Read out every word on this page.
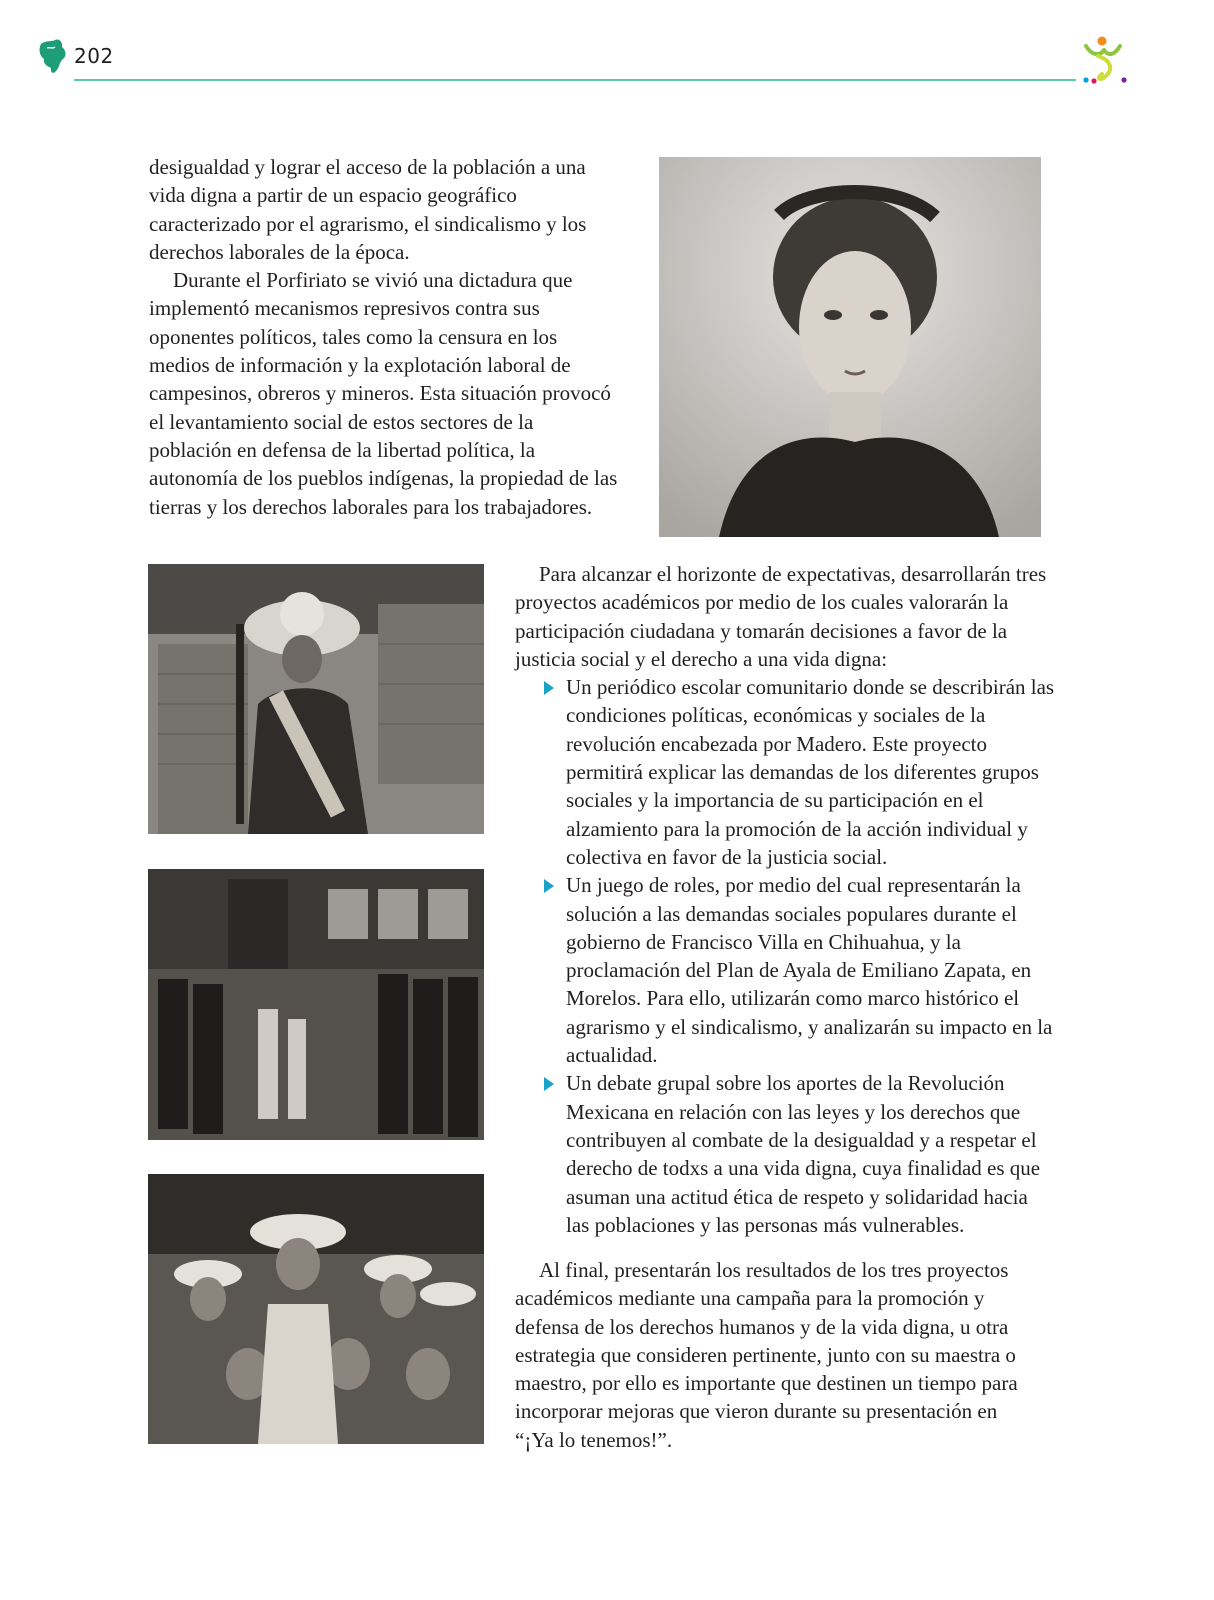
202

desigualdad y lograr el acceso de la población a una vida digna a partir de un espacio geográfico caracterizado por el agrarismo, el sindicalismo y los derechos laborales de la época.

Durante el Porfiriato se vivió una dictadura que implementó mecanismos represivos contra sus oponentes políticos, tales como la censura en los medios de información y la explotación laboral de campesinos, obreros y mineros. Esta situación provocó el levantamiento social de estos sectores de la población en defensa de la libertad política, la autonomía de los pueblos indígenas, la propiedad de las tierras y los derechos laborales para los trabajadores.

Para alcanzar el horizonte de expectativas, desarrollarán tres proyectos académicos por medio de los cuales valorarán la participación ciudadana y tomarán decisiones a favor de la justicia social y el derecho a una vida digna:

Un periódico escolar comunitario donde se describirán las condiciones políticas, económicas y sociales de la revolución encabezada por Madero. Este proyecto permitirá explicar las demandas de los diferentes grupos sociales y la importancia de su participación en el alzamiento para la promoción de la acción individual y colectiva en favor de la justicia social.
Un juego de roles, por medio del cual representarán la solución a las demandas sociales populares durante el gobierno de Francisco Villa en Chihuahua, y la proclamación del Plan de Ayala de Emiliano Zapata, en Morelos. Para ello, utilizarán como marco histórico el agrarismo y el sindicalismo, y analizarán su impacto en la actualidad.
Un debate grupal sobre los aportes de la Revolución Mexicana en relación con las leyes y los derechos que contribuyen al combate de la desigualdad y a respetar el derecho de todxs a una vida digna, cuya finalidad es que asuman una actitud ética de respeto y solidaridad hacia las poblaciones y las personas más vulnerables.

Al final, presentarán los resultados de los tres proyectos académicos mediante una campaña para la promoción y defensa de los derechos humanos y de la vida digna, u otra estrategia que consideren pertinente, junto con su maestra o maestro, por ello es importante que destinen un tiempo para incorporar mejoras que vieron durante su presentación en “¡Ya lo tenemos!”.
